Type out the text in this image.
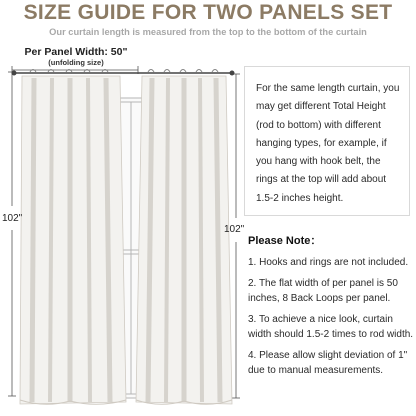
SIZE GUIDE FOR TWO PANELS SET
Our curtain length is measured from the top to the bottom of the curtain
Per Panel Width: 50"
(unfolding size)
102"
102"
For the same length curtain, you may get different Total Height (rod to bottom) with different hanging types, for example, if you hang with hook belt, the rings at the top will add about 1.5-2 inches height.
Please Note：
1. Hooks and rings are not included.
2. The flat width of per panel is 50 inches, 8 Back Loops per panel.
3. To achieve a nice look, curtain width should 1.5-2 times to rod width.
4. Please allow slight deviation of 1" due to manual measurements.
